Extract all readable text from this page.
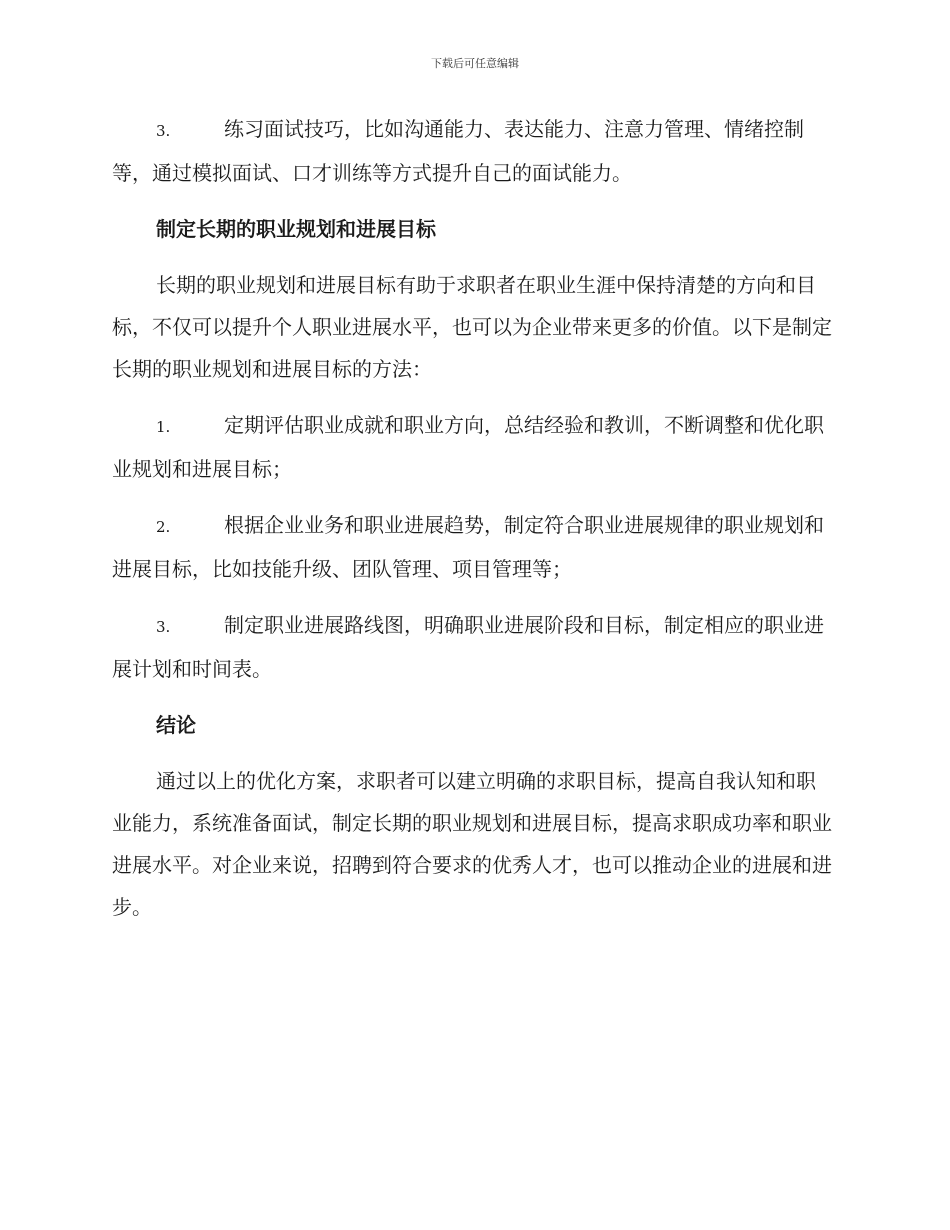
下载后可任意编辑
3.	练习面试技巧，比如沟通能力、表达能力、注意力管理、情绪控制等，通过模拟面试、口才训练等方式提升自己的面试能力。
制定长期的职业规划和进展目标
长期的职业规划和进展目标有助于求职者在职业生涯中保持清楚的方向和目标，不仅可以提升个人职业进展水平，也可以为企业带来更多的价值。以下是制定长期的职业规划和进展目标的方法：
1.	定期评估职业成就和职业方向，总结经验和教训，不断调整和优化职业规划和进展目标；
2.	根据企业业务和职业进展趋势，制定符合职业进展规律的职业规划和进展目标，比如技能升级、团队管理、项目管理等；
3.	制定职业进展路线图，明确职业进展阶段和目标，制定相应的职业进展计划和时间表。
结论
通过以上的优化方案，求职者可以建立明确的求职目标，提高自我认知和职业能力，系统准备面试，制定长期的职业规划和进展目标，提高求职成功率和职业进展水平。对企业来说，招聘到符合要求的优秀人才，也可以推动企业的进展和进步。
